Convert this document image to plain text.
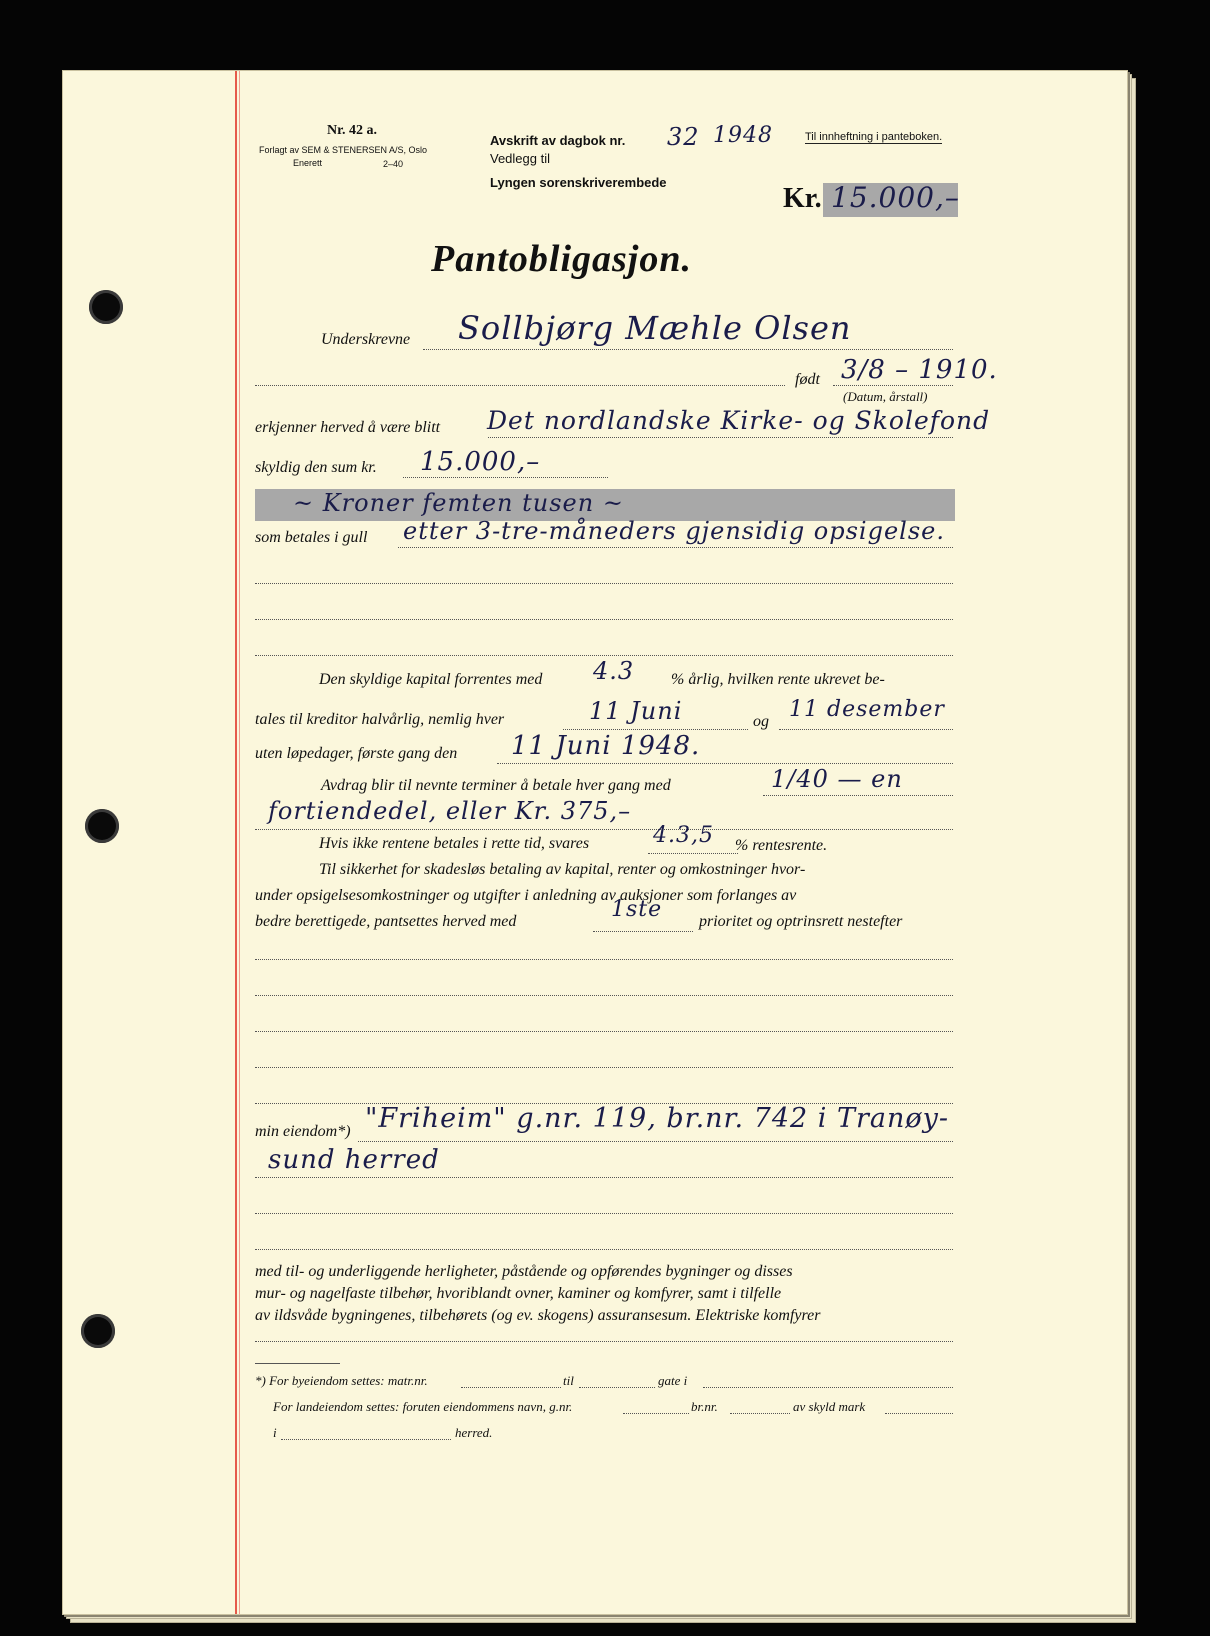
Nr. 42 a.
Forlagt av SEM & STENERSEN A/S, Oslo
Enerett	2–40
Avskrift av dagbok nr.
Vedlegg til
Lyngen sorenskriverembede
32 1948	Til innheftning i panteboken.
Kr. 15.000,–
Pantobligasjon.
Underskrevne Sollbjørg Mæhle Olsen
født 3/8 – 1910.
(Datum, årstall)
erkjenner herved å være blitt Det nordlandske Kirke- og Skolefond
skyldig den sum kr. 15.000,–
~ Kroner femten tusen ~
som betales i gull etter 3-tre-måneders gjensidig opsigelse.
Den skyldige kapital forrentes med 4.3 % årlig, hvilken rente ukrevet be-
tales til kreditor halvårlig, nemlig hver	11 Juni	og 11 desember
uten løpedager, første gang den 11 Juni 1948.
Avdrag blir til nevnte terminer å betale hver gang med	1/40 — en
fortiendedel, eller Kr. 375,–
Hvis ikke rentene betales i rette tid, svares	4.3,5 % rentesrente.
Til sikkerhet for skadesløs betaling av kapital, renter og omkostninger hvor-
under opsigelsesomkostninger og utgifter i anledning av auksjoner som forlanges av
bedre berettigede, pantsettes herved med	1ste prioritet og optrinsrett nestefter
min eiendom*) "Friheim" g.nr. 119, br.nr. 742 i Tranøy-
sund herred
med til- og underliggende herligheter, påstående og opførendes bygninger og disses
mur- og nagelfaste tilbehør, hvoriblandt ovner, kaminer og komfyrer, samt i tilfelle
av ildsvåde bygningenes, tilbehørets (og ev. skogens) assuransesum. Elektriske komfyrer
*) For byeiendom settes: matr.nr.	til	gate i
For landeiendom settes: foruten eiendommens navn, g.nr.	br.nr.	av skyld mark
i	herred.
